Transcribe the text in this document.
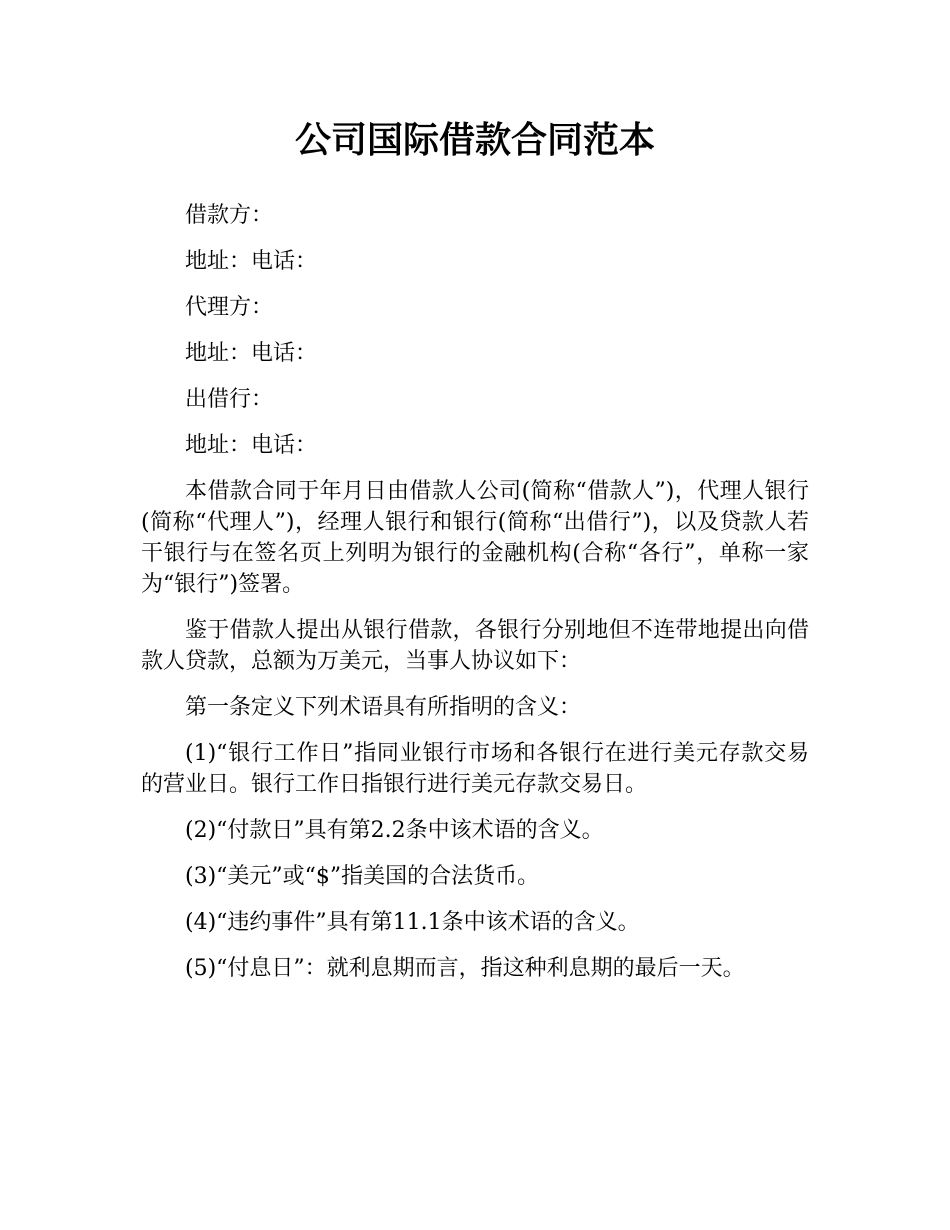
公司国际借款合同范本

借款方：

地址：电话：

代理方：

地址：电话：

出借行：

地址：电话：

本借款合同于年月日由借款人公司(简称“借款人”)，代理人银行(简称“代理人”)，经理人银行和银行(简称“出借行”)，以及贷款人若干银行与在签名页上列明为银行的金融机构(合称“各行”，单称一家为“银行”)签署。

鉴于借款人提出从银行借款，各银行分别地但不连带地提出向借款人贷款，总额为万美元，当事人协议如下：

第一条定义下列术语具有所指明的含义：

(1)“银行工作日”指同业银行市场和各银行在进行美元存款交易的营业日。银行工作日指银行进行美元存款交易日。

(2)“付款日”具有第2.2条中该术语的含义。

(3)“美元”或“$”指美国的合法货币。

(4)“违约事件”具有第11.1条中该术语的含义。

(5)“付息日”：就利息期而言，指这种利息期的最后一天。
